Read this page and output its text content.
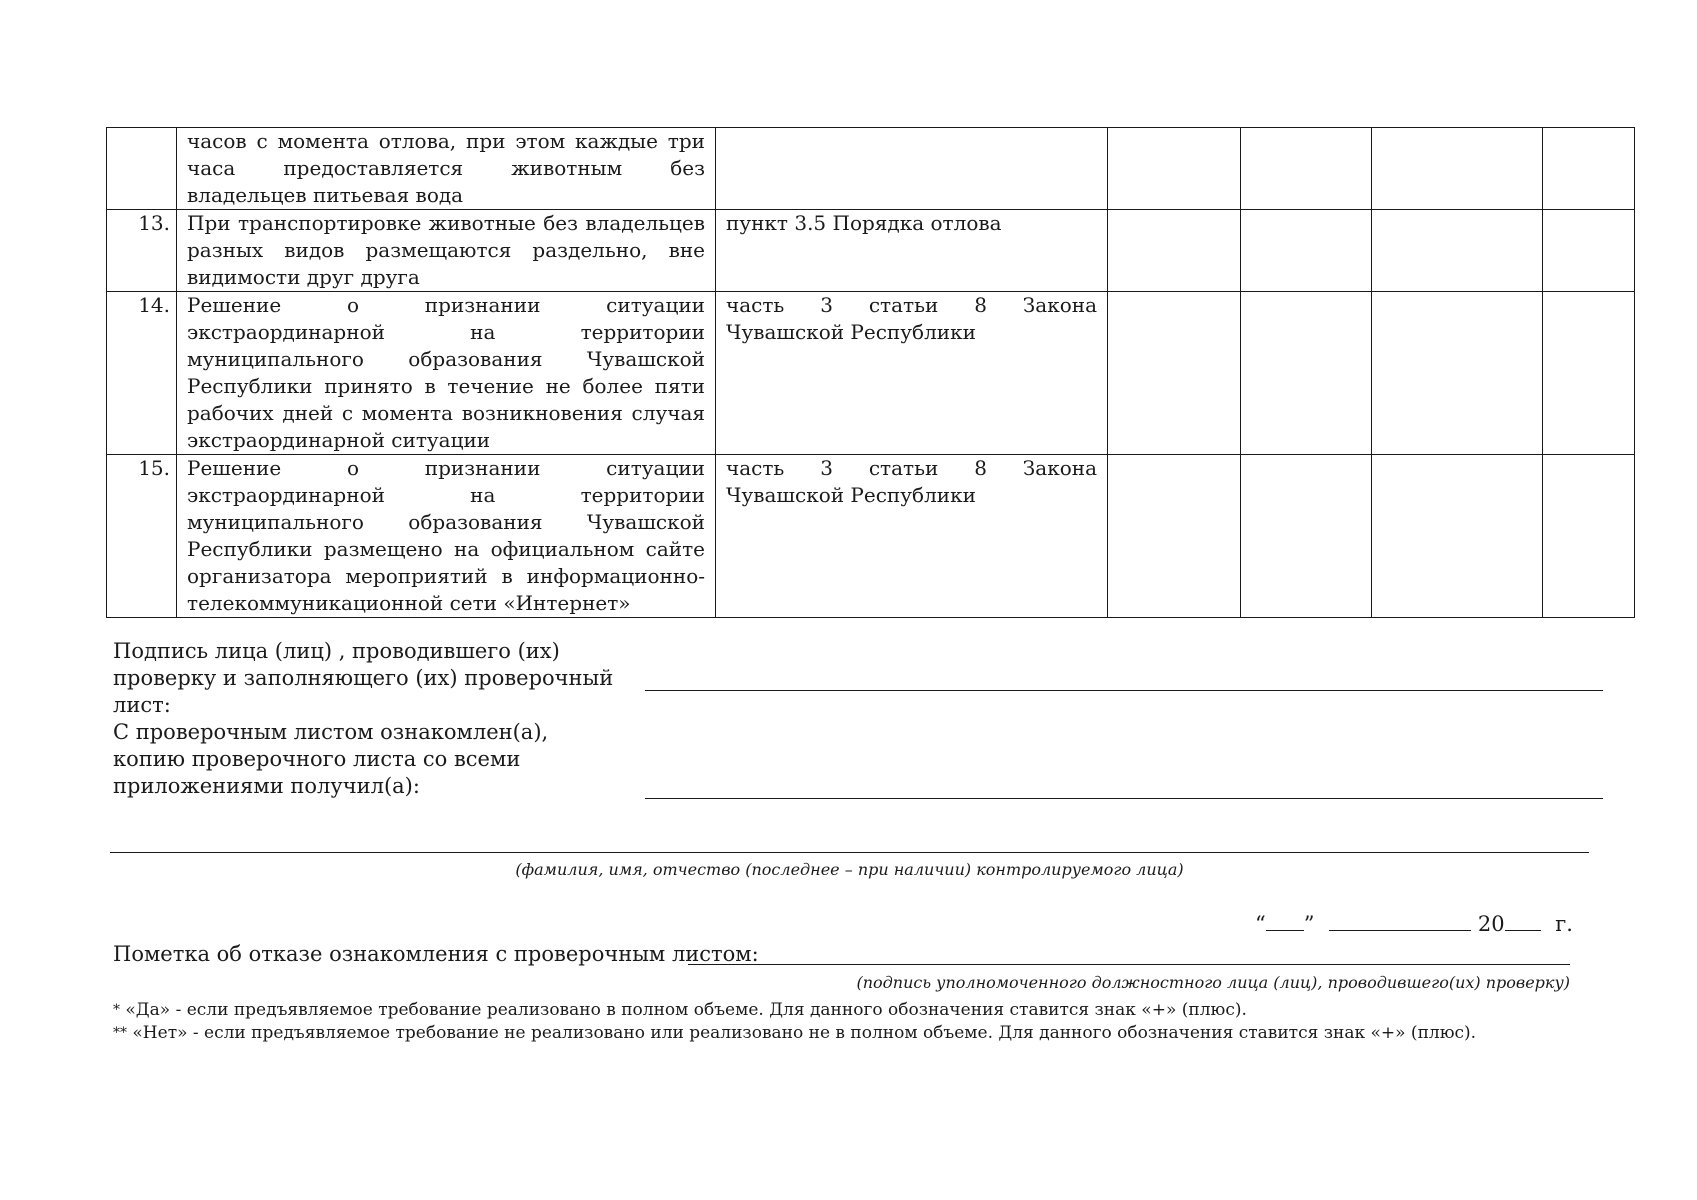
	часов с момента отлова, при этом каждые три часа предоставляется животным без владельцев питьевая вода					
13.	При транспортировке животные без владельцев разных видов размещаются раздельно, вне видимости друг друга	пункт 3.5 Порядка отлова				
14.	Решение о признании ситуации экстраординарной на территории муниципального образования Чувашской Республики принято в течение не более пяти рабочих дней с момента возникновения случая экстраординарной ситуации	часть 3 статьи 8 Закона Чувашской Республики				
15.	Решение о признании ситуации экстраординарной на территории муниципального образования Чувашской Республики размещено на официальном сайте организатора мероприятий в информационно-телекоммуникационной сети «Интернет»	часть 3 статьи 8 Закона Чувашской Республики				
Подпись лица (лиц) , проводившего (их) проверку и заполняющего (их) проверочный лист:
С проверочным листом ознакомлен(а), копию проверочного листа со всеми приложениями получил(а):
(фамилия, имя, отчество (последнее – при наличии) контролируемого лица)
“ ”	20 г.
Пометка об отказе ознакомления с проверочным листом:
(подпись уполномоченного должностного лица (лиц), проводившего(их) проверку)
* «Да» - если предъявляемое требование реализовано в полном объеме. Для данного обозначения ставится знак «+» (плюс).
** «Нет» - если предъявляемое требование не реализовано или реализовано не в полном объеме. Для данного обозначения ставится знак «+» (плюс).
